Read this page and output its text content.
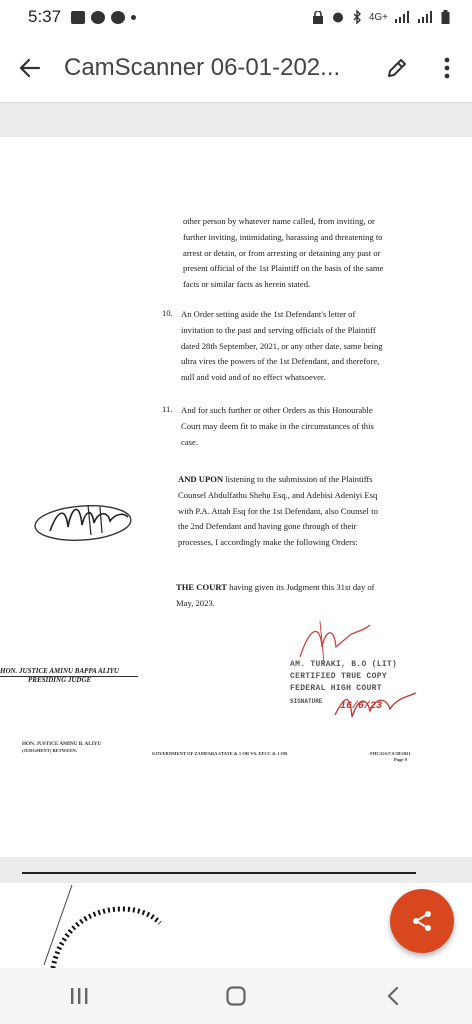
5:37	4G+
CamScanner 06-01-202...

other person by whatever name called, from inviting, or

further inviting, intimidating, harassing and threatening to

arrest or detain, or from arresting or detaining any past or

present official of the 1st Plaintiff on the basis of the same

facts or similar facts as herein stated.

10. An Order setting aside the 1st Defendant's letter of

invitation to the past and serving officials of the Plaintiff

dated 28th September, 2021, or any other date, same being

ultra vires the powers of the 1st Defendant, and therefore,

null and void and of no effect whatsoever.

11. And for such further or other Orders as this Honourable

Court may deem fit to make in the circumstances of this

case.

AND UPON listening to the submission of the Plaintiffs

Counsel Abdulfathu Shehu Esq., and Adebisi Adeniyi Esq

with P.A. Attah Esq for the 1st Defendant, also Counsel to

the 2nd Defendant and having gone through of their

processes, I accordingly make the following Orders:

THE COURT having given its Judgment this 31st day of

May, 2023.

HON. JUSTICE AMINU BAPPA ALIYU
PRESIDING JUDGE
AM. TURAKI, B.O (LIT)
CERTIFIED TRUE COPY
FEDERAL HIGH COURT
SIGNATURE 16/6/23
HON. JUSTICE AMINU B. ALIYU
(JUDGMENT) BETWEEN:
GOVERNMENT OF ZAMFARA STATE & 1 OR VS. EFCC & 1 OR	FHC/GS/CS/38/2021
Page 9
